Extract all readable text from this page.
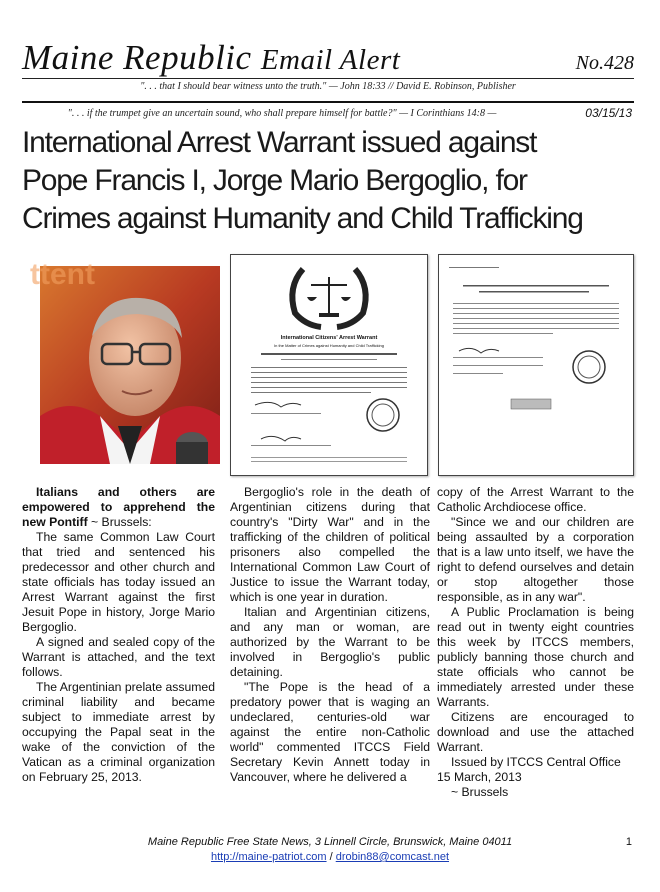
Maine Republic Email Alert	No.428
". . . that I should bear witness unto the truth." — John 18:33 // David E. Robinson, Publisher
". . . if the trumpet give an uncertain sound, who shall prepare himself for battle?" — I Corinthians 14:8 —	03/15/13
International Arrest Warrant issued against
Pope Francis I, Jorge Mario Bergoglio, for
Crimes against Humanity and Child Trafficking
ttent
International Citizens' Arrest Warrant
In the Matter of Crimes against Humanity and Child Trafficking

Italians and others are empowered to apprehend the new Pontiff ~ Brussels:

The same Common Law Court that tried and sentenced his predecessor and other church and state officials has today issued an Arrest Warrant against the first Jesuit Pope in history, Jorge Mario Bergoglio.

A signed and sealed copy of the Warrant is attached, and the text follows.

The Argentinian prelate assumed criminal liability and became subject to immediate arrest by occupying the Papal seat in the wake of the conviction of the Vatican as a criminal organization on February 25, 2013.

Bergoglio's role in the death of Argentinian citizens during that country's "Dirty War" and in the trafficking of the children of political prisoners also compelled the International Common Law Court of Justice to issue the Warrant today, which is one year in duration.

Italian and Argentinian citizens, and any man or woman, are authorized by the Warrant to be involved in Bergoglio's public detaining.

"The Pope is the head of a predatory power that is waging an undeclared, centuries-old war against the entire non-Catholic world" commented ITCCS Field Secretary Kevin Annett today in Vancouver, where he delivered a

copy of the Arrest Warrant to the Catholic Archdiocese office.

"Since we and our children are being assaulted by a corporation that is a law unto itself, we have the right to defend ourselves and detain or stop altogether those responsible, as in any war".

A Public Proclamation is being read out in twenty eight countries this week by ITCCS members, publicly banning those church and state officials who cannot be immediately arrested under these Warrants.

Citizens are encouraged to download and use the attached Warrant.

Issued by ITCCS Central Office

15 March, 2013

~ Brussels

Maine Republic Free State News, 3 Linnell Circle, Brunswick, Maine 04011	1
http://maine-patriot.com / drobin88@comcast.net
